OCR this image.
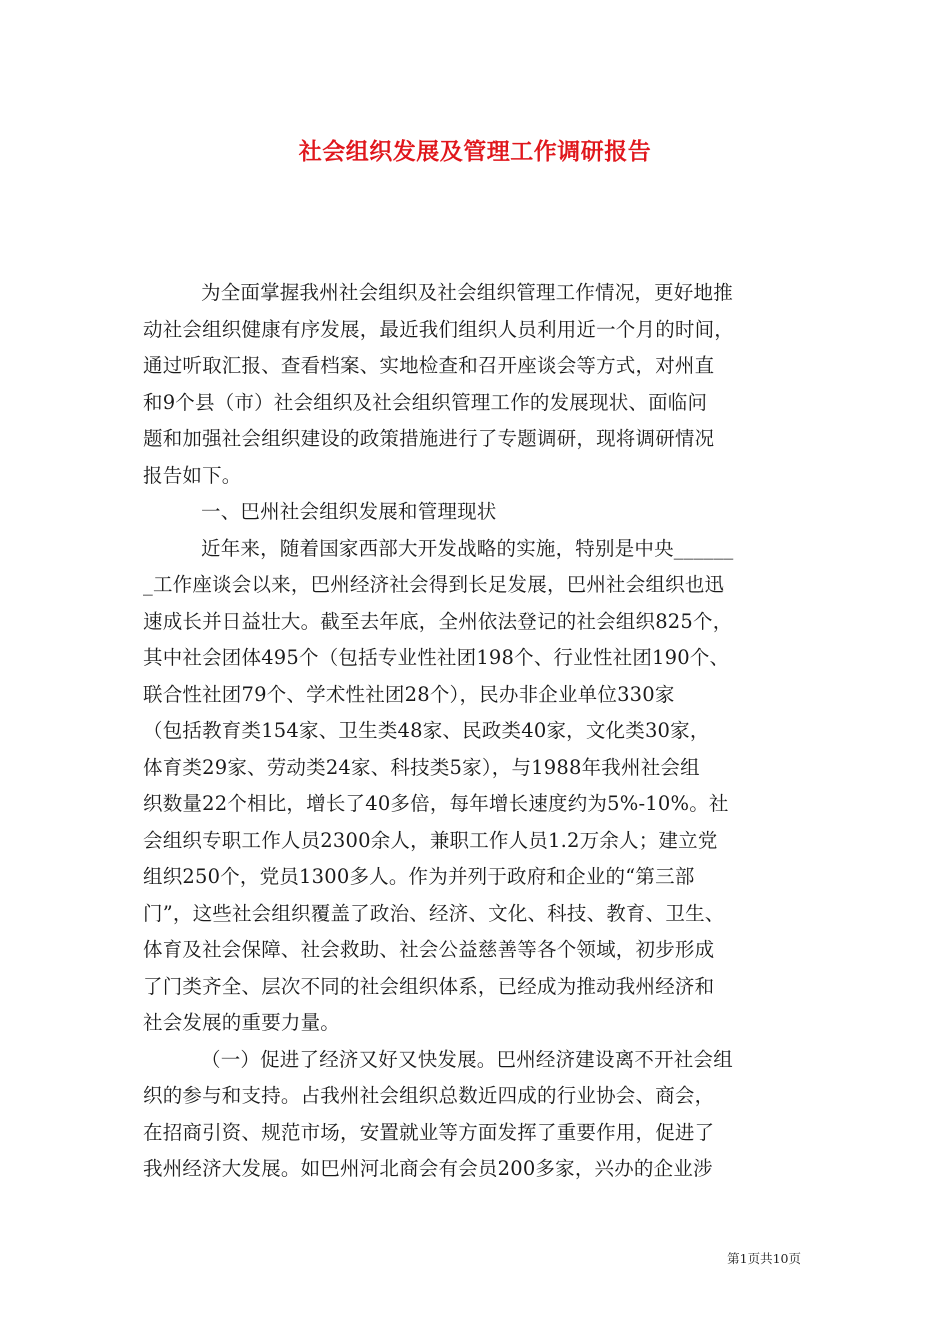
社会组织发展及管理工作调研报告
为全面掌握我州社会组织及社会组织管理工作情况，更好地推
动社会组织健康有序发展，最近我们组织人员利用近一个月的时间，
通过听取汇报、查看档案、实地检查和召开座谈会等方式，对州直
和9个县（市）社会组织及社会组织管理工作的发展现状、面临问
题和加强社会组织建设的政策措施进行了专题调研，现将调研情况
报告如下。
一、巴州社会组织发展和管理现状
近年来，随着国家西部大开发战略的实施，特别是中央______
_工作座谈会以来，巴州经济社会得到长足发展，巴州社会组织也迅
速成长并日益壮大。截至去年底，全州依法登记的社会组织825个，
其中社会团体495个（包括专业性社团198个、行业性社团190个、
联合性社团79个、学术性社团28个），民办非企业单位330家
（包括教育类154家、卫生类48家、民政类40家，文化类30家，
体育类29家、劳动类24家、科技类5家），与1988年我州社会组
织数量22个相比，增长了40多倍，每年增长速度约为5%-10%。社
会组织专职工作人员2300余人，兼职工作人员1.2万余人；建立党
组织250个，党员1300多人。作为并列于政府和企业的“第三部
门”，这些社会组织覆盖了政治、经济、文化、科技、教育、卫生、
体育及社会保障、社会救助、社会公益慈善等各个领域，初步形成
了门类齐全、层次不同的社会组织体系，已经成为推动我州经济和
社会发展的重要力量。
（一）促进了经济又好又快发展。巴州经济建设离不开社会组
织的参与和支持。占我州社会组织总数近四成的行业协会、商会，
在招商引资、规范市场，安置就业等方面发挥了重要作用，促进了
我州经济大发展。如巴州河北商会有会员200多家，兴办的企业涉
第1页共10页
